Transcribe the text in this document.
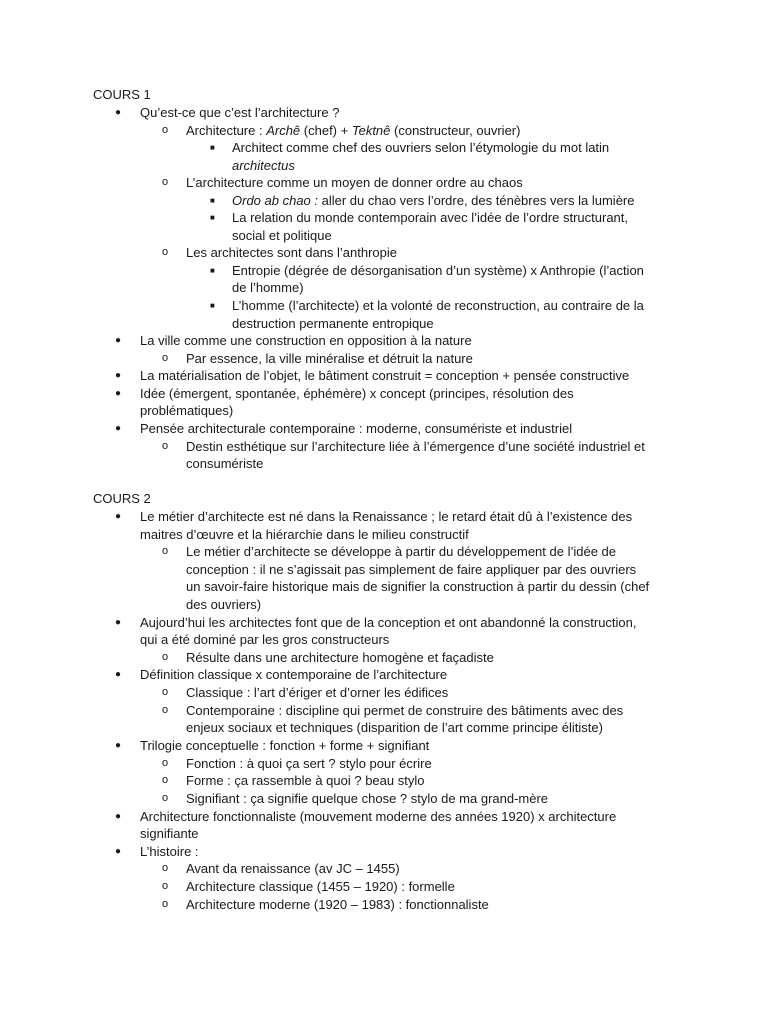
COURS 1
● Qu’est-ce que c’est l’architecture ?
o Architecture : Archê (chef) + Tektnê (constructeur, ouvrier)
■ Architect comme chef des ouvriers selon l’étymologie du mot latin
architectus
o L’architecture comme un moyen de donner ordre au chaos
■ Ordo ab chao : aller du chao vers l’ordre, des ténèbres vers la lumière
■ La relation du monde contemporain avec l’idée de l’ordre structurant,
social et politique
o Les architectes sont dans l’anthropie
■ Entropie (dégrée de désorganisation d’un système) x Anthropie (l’action
de l’homme)
■ L’homme (l’architecte) et la volonté de reconstruction, au contraire de la
destruction permanente entropique
● La ville comme une construction en opposition à la nature
o Par essence, la ville minéralise et détruit la nature
● La matérialisation de l’objet, le bâtiment construit = conception + pensée constructive
● Idée (émergent, spontanée, éphémère) x concept (principes, résolution des
problématiques)
● Pensée architecturale contemporaine : moderne, consumériste et industriel
o Destin esthétique sur l’architecture liée à l’émergence d’une société industriel et
consumériste
COURS 2
● Le métier d’architecte est né dans la Renaissance ; le retard était dû à l’existence des
maitres d’œuvre et la hiérarchie dans le milieu constructif
o Le métier d’architecte se développe à partir du développement de l’idée de
conception : il ne s’agissait pas simplement de faire appliquer par des ouvriers
un savoir-faire historique mais de signifier la construction à partir du dessin (chef
des ouvriers)
● Aujourd’hui les architectes font que de la conception et ont abandonné la construction,
qui a été dominé par les gros constructeurs
o Résulte dans une architecture homogène et façadiste
● Définition classique x contemporaine de l’architecture
o Classique : l’art d’ériger et d’orner les édifices
o Contemporaine : discipline qui permet de construire des bâtiments avec des
enjeux sociaux et techniques (disparition de l’art comme principe élitiste)
● Trilogie conceptuelle : fonction + forme + signifiant
o Fonction : à quoi ça sert ? stylo pour écrire
o Forme : ça rassemble à quoi ? beau stylo
o Signifiant : ça signifie quelque chose ? stylo de ma grand-mère
● Architecture fonctionnaliste (mouvement moderne des années 1920) x architecture
signifiante
● L’histoire :
o Avant da renaissance (av JC – 1455)
o Architecture classique (1455 – 1920) : formelle
o Architecture moderne (1920 – 1983) : fonctionnaliste
